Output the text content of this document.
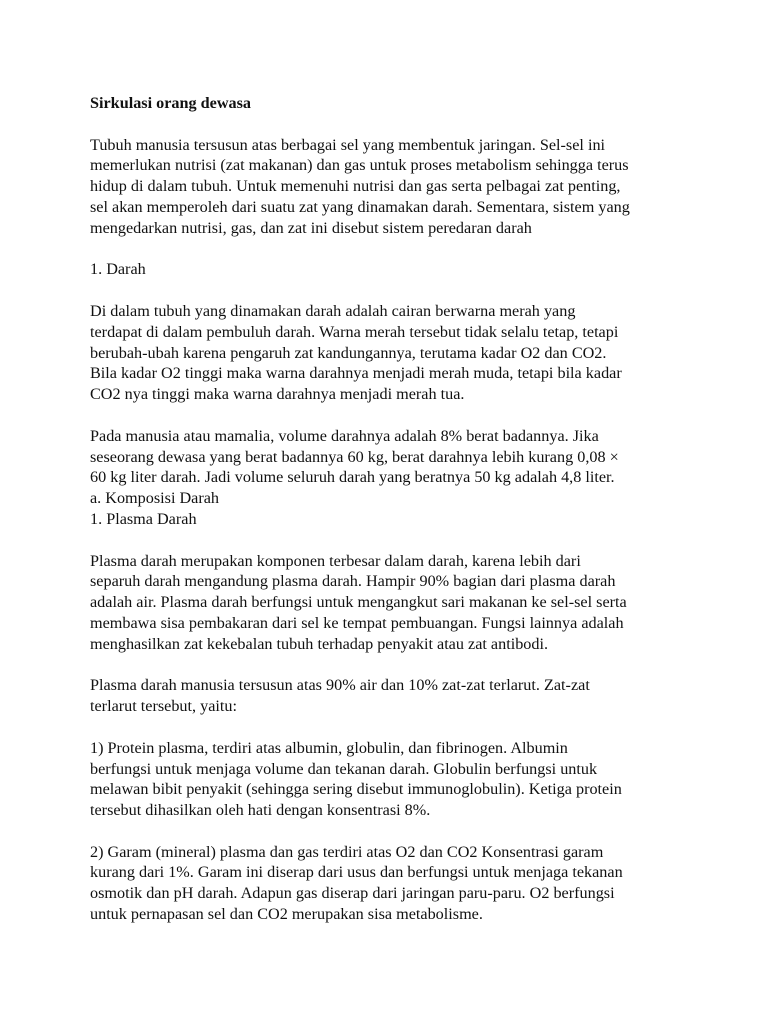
Sirkulasi orang dewasa
Tubuh manusia tersusun atas berbagai sel yang membentuk jaringan. Sel-sel ini
memerlukan nutrisi (zat makanan) dan gas untuk proses metabolism sehingga terus
hidup di dalam tubuh. Untuk memenuhi nutrisi dan gas serta pelbagai zat penting,
sel akan memperoleh dari suatu zat yang dinamakan darah. Sementara, sistem yang
mengedarkan nutrisi, gas, dan zat ini disebut sistem peredaran darah
1. Darah
Di dalam tubuh yang dinamakan darah adalah cairan berwarna merah yang
terdapat di dalam pembuluh darah. Warna merah tersebut tidak selalu tetap, tetapi
berubah-ubah karena pengaruh zat kandungannya, terutama kadar O2 dan CO2.
Bila kadar O2 tinggi maka warna darahnya menjadi merah muda, tetapi bila kadar
CO2 nya tinggi maka warna darahnya menjadi merah tua.
Pada manusia atau mamalia, volume darahnya adalah 8% berat badannya. Jika
seseorang dewasa yang berat badannya 60 kg, berat darahnya lebih kurang 0,08 ×
60 kg liter darah. Jadi volume seluruh darah yang beratnya 50 kg adalah 4,8 liter.
a. Komposisi Darah
1. Plasma Darah
Plasma darah merupakan komponen terbesar dalam darah, karena lebih dari
separuh darah mengandung plasma darah. Hampir 90% bagian dari plasma darah
adalah air. Plasma darah berfungsi untuk mengangkut sari makanan ke sel-sel serta
membawa sisa pembakaran dari sel ke tempat pembuangan. Fungsi lainnya adalah
menghasilkan zat kekebalan tubuh terhadap penyakit atau zat antibodi.
Plasma darah manusia tersusun atas 90% air dan 10% zat-zat terlarut. Zat-zat
terlarut tersebut, yaitu:
1) Protein plasma, terdiri atas albumin, globulin, dan fibrinogen. Albumin
berfungsi untuk menjaga volume dan tekanan darah. Globulin berfungsi untuk
melawan bibit penyakit (sehingga sering disebut immunoglobulin). Ketiga protein
tersebut dihasilkan oleh hati dengan konsentrasi 8%.
2) Garam (mineral) plasma dan gas terdiri atas O2 dan CO2 Konsentrasi garam
kurang dari 1%. Garam ini diserap dari usus dan berfungsi untuk menjaga tekanan
osmotik dan pH darah. Adapun gas diserap dari jaringan paru-paru. O2 berfungsi
untuk pernapasan sel dan CO2 merupakan sisa metabolisme.
